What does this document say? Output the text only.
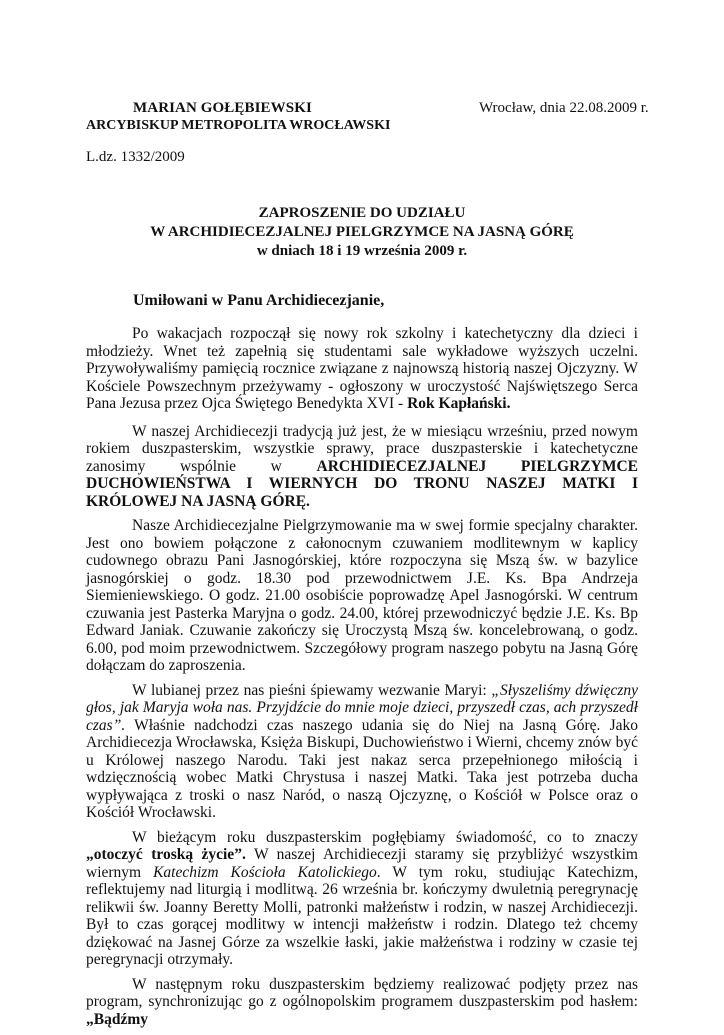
MARIAN GOŁĘBIEWSKI	Wrocław, dnia 22.08.2009 r.
ARCYBISKUP METROPOLITA WROCŁAWSKI
L.dz. 1332/2009
ZAPROSZENIE DO UDZIAŁU
W ARCHIDIECEZJALNEJ PIELGRZYMCE NA JASNĄ GÓRĘ
w dniach 18 i 19 września 2009 r.
Umiłowani w Panu Archidiecezjanie,

Po wakacjach rozpoczął się nowy rok szkolny i katechetyczny dla dzieci i młodzieży. Wnet też zapełnią się studentami sale wykładowe wyższych uczelni. Przywoływaliśmy pamięcią rocznice związane z najnowszą historią naszej Ojczyzny. W Kościele Powszechnym przeżywamy - ogłoszony w uroczystość Najświętszego Serca Pana Jezusa przez Ojca Świętego Benedykta XVI - Rok Kapłański.

W naszej Archidiecezji tradycją już jest, że w miesiącu wrześniu, przed nowym rokiem duszpasterskim, wszystkie sprawy, prace duszpasterskie i katechetyczne zanosimy wspólnie w ARCHIDIECEZJALNEJ PIELGRZYMCE DUCHOWIEŃSTWA I WIERNYCH DO TRONU NASZEJ MATKI I KRÓLOWEJ NA JASNĄ GÓRĘ.

Nasze Archidiecezjalne Pielgrzymowanie ma w swej formie specjalny charakter. Jest ono bowiem połączone z całonocnym czuwaniem modlitewnym w kaplicy cudownego obrazu Pani Jasnogórskiej, które rozpoczyna się Mszą św. w bazylice jasnogórskiej o godz. 18.30 pod przewodnictwem J.E. Ks. Bpa Andrzeja Siemieniewskiego. O godz. 21.00 osobiście poprowadzę Apel Jasnogórski. W centrum czuwania jest Pasterka Maryjna o godz. 24.00, której przewodniczyć będzie J.E. Ks. Bp Edward Janiak. Czuwanie zakończy się Uroczystą Mszą św. koncelebrowaną, o godz. 6.00, pod moim przewodnictwem. Szczegółowy program naszego pobytu na Jasną Górę dołączam do zaproszenia.

W lubianej przez nas pieśni śpiewamy wezwanie Maryi: „Słyszeliśmy dźwięczny głos, jak Maryja woła nas. Przyjdźcie do mnie moje dzieci, przyszedł czas, ach przyszedł czas”. Właśnie nadchodzi czas naszego udania się do Niej na Jasną Górę. Jako Archidiecezja Wrocławska, Księża Biskupi, Duchowieństwo i Wierni, chcemy znów być u Królowej naszego Narodu. Taki jest nakaz serca przepełnionego miłością i wdzięcznością wobec Matki Chrystusa i naszej Matki. Taka jest potrzeba ducha wypływająca z troski o nasz Naród, o naszą Ojczyznę, o Kościół w Polsce oraz o Kościół Wrocławski.

W bieżącym roku duszpasterskim pogłębiamy świadomość, co to znaczy „otoczyć troską życie”. W naszej Archidiecezji staramy się przybliżyć wszystkim wiernym Katechizm Kościoła Katolickiego. W tym roku, studiując Katechizm, reflektujemy nad liturgią i modlitwą. 26 września br. kończymy dwuletnią peregrynację relikwii św. Joanny Beretty Molli, patronki małżeństw i rodzin, w naszej Archidiecezji. Był to czas gorącej modlitwy w intencji małżeństw i rodzin. Dlatego też chcemy dziękować na Jasnej Górze za wszelkie łaski, jakie małżeństwa i rodziny w czasie tej peregrynacji otrzymały.

W następnym roku duszpasterskim będziemy realizować podjęty przez nas program, synchronizując go z ogólnopolskim programem duszpasterskim pod hasłem: „Bądźmy
